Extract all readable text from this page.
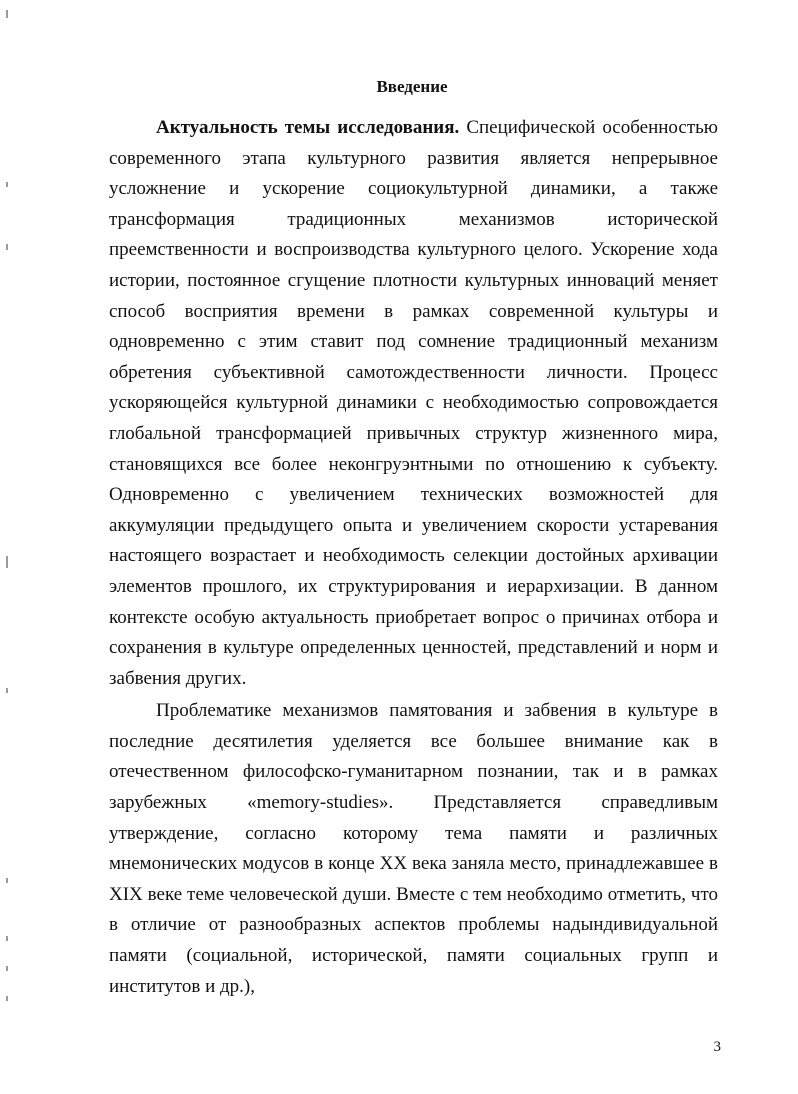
Введение

Актуальность темы исследования. Специфической особенностью современного этапа культурного развития является непрерывное усложнение и ускорение социокультурной динамики, а также трансформация традиционных механизмов исторической преемственности и воспроизводства культурного целого. Ускорение хода истории, постоянное сгущение плотности культурных инноваций меняет способ восприятия времени в рамках современной культуры и одновременно с этим ставит под сомнение традиционный механизм обретения субъективной самотождественности личности. Процесс ускоряющейся культурной динамики с необходимостью сопровождается глобальной трансформацией привычных структур жизненного мира, становящихся все более неконгруэнтными по отношению к субъекту. Одновременно с увеличением технических возможностей для аккумуляции предыдущего опыта и увеличением скорости устаревания настоящего возрастает и необходимость селекции достойных архивации элементов прошлого, их структурирования и иерархизации. В данном контексте особую актуальность приобретает вопрос о причинах отбора и сохранения в культуре определенных ценностей, представлений и норм и забвения других.

Проблематике механизмов памятования и забвения в культуре в последние десятилетия уделяется все большее внимание как в отечественном философско-гуманитарном познании, так и в рамках зарубежных «memory-studies». Представляется справедливым утверждение, согласно которому тема памяти и различных мнемонических модусов в конце XX века заняла место, принадлежавшее в XIX веке теме человеческой души. Вместе с тем необходимо отметить, что в отличие от разнообразных аспектов проблемы надындивидуальной памяти (социальной, исторической, памяти социальных групп и институтов и др.),

3
